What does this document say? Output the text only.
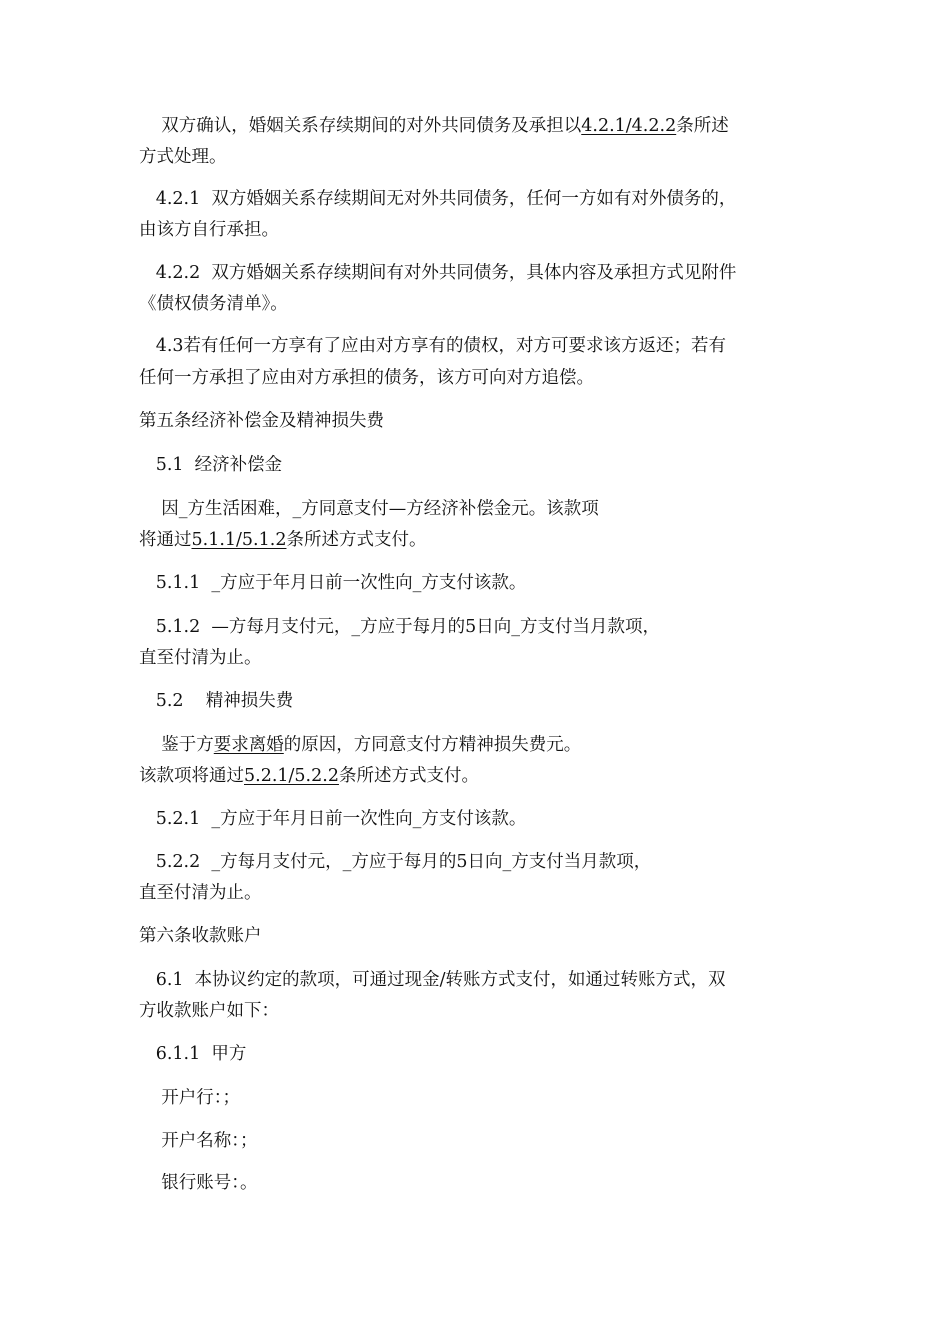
双方确认，婚姻关系存续期间的对外共同债务及承担以4.2.1/4.2.2条所述
方式处理。
4.2.1  双方婚姻关系存续期间无对外共同债务，任何一方如有对外债务的，
由该方自行承担。
4.2.2  双方婚姻关系存续期间有对外共同债务，具体内容及承担方式见附件
《债权债务清单》。
4.3若有任何一方享有了应由对方享有的债权，对方可要求该方返还；若有
任何一方承担了应由对方承担的债务，该方可向对方追偿。
第五条经济补偿金及精神损失费
5.1  经济补偿金
因_方生活困难，_方同意支付—方经济补偿金元。该款项
将通过5.1.1/5.1.2条所述方式支付。
5.1.1  _方应于年月日前一次性向_方支付该款。
5.1.2  —方每月支付元，_方应于每月的5日向_方支付当月款项，
直至付清为止。
5.2    精神损失费
鉴于方要求离婚的原因，方同意支付方精神损失费元。
该款项将通过5.2.1/5.2.2条所述方式支付。
5.2.1  _方应于年月日前一次性向_方支付该款。
5.2.2  _方每月支付元，_方应于每月的5日向_方支付当月款项，
直至付清为止。
第六条收款账户
6.1  本协议约定的款项，可通过现金/转账方式支付，如通过转账方式，双
方收款账户如下：
6.1.1  甲方
开户行：；
开户名称：；
银行账号：。
